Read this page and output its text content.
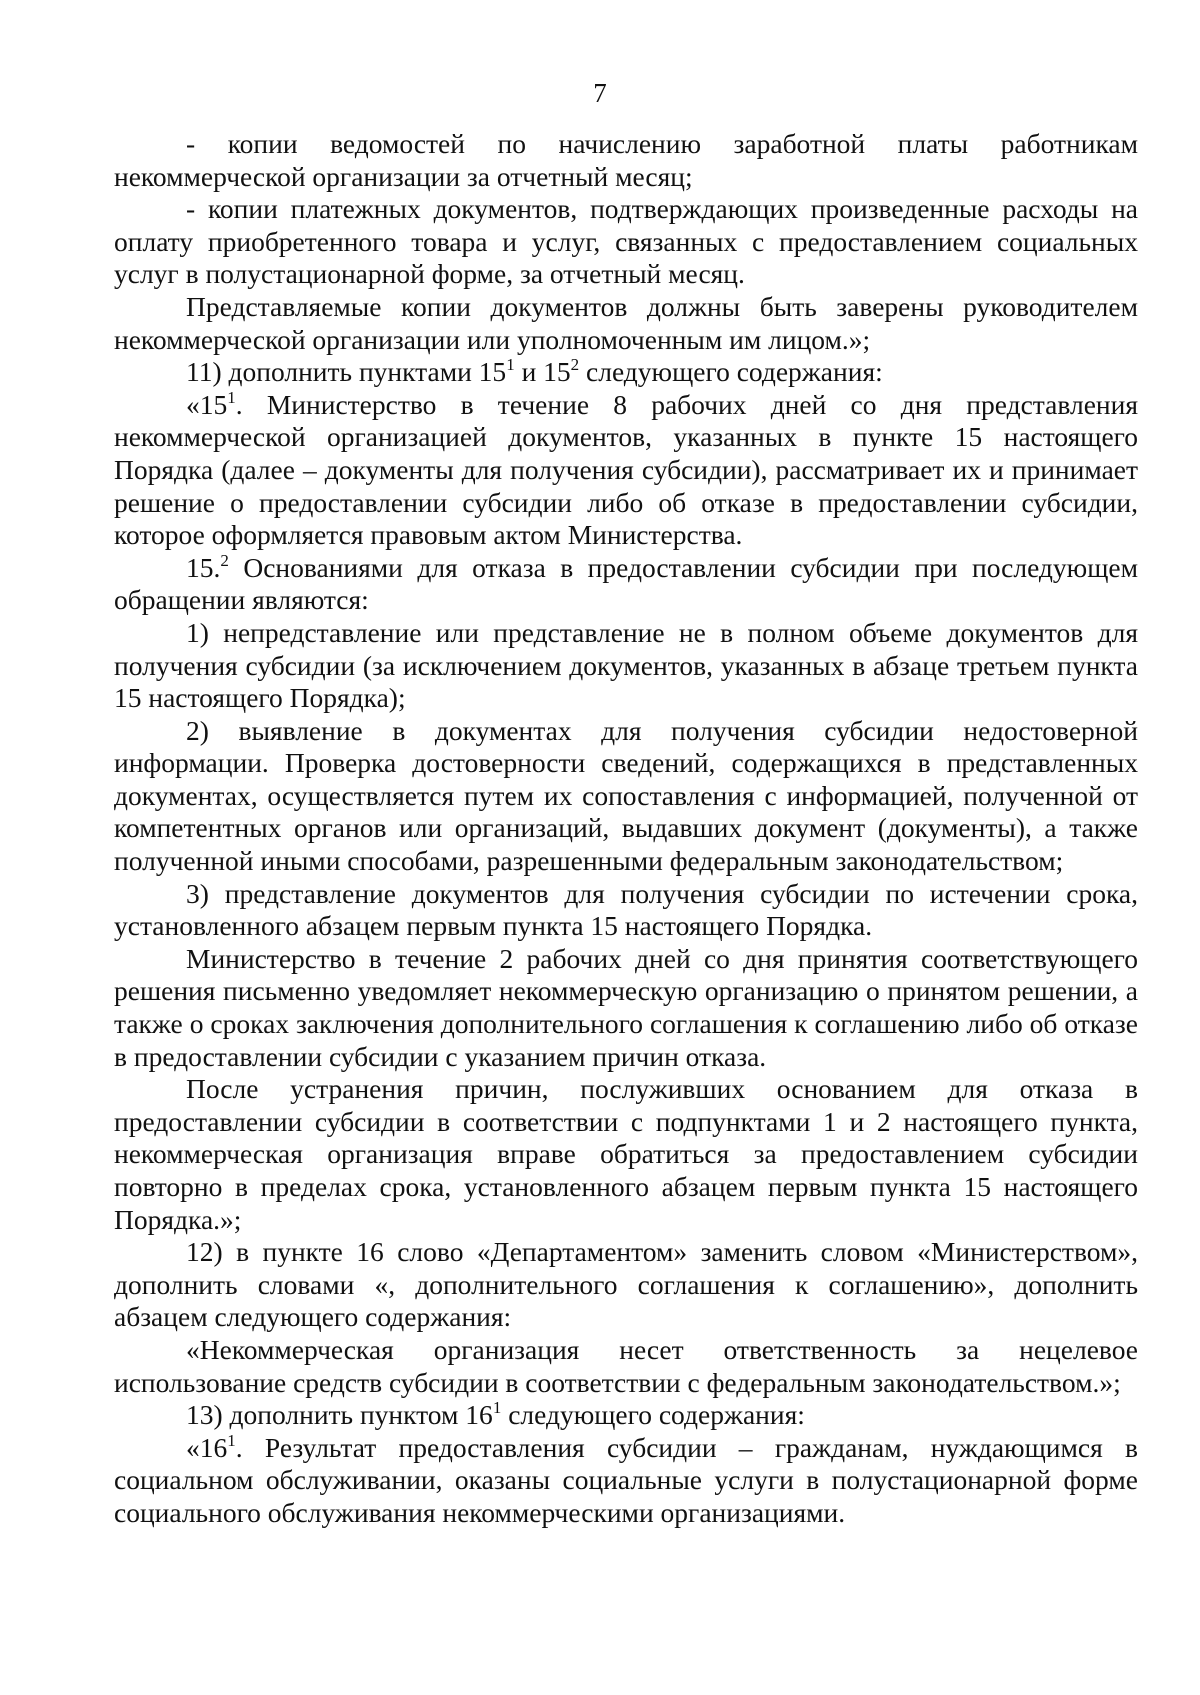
7

- копии ведомостей по начислению заработной платы работникам некоммерческой организации за отчетный месяц;

- копии платежных документов, подтверждающих произведенные расходы на оплату приобретенного товара и услуг, связанных с предоставлением социальных услуг в полустационарной форме, за отчетный месяц.

Представляемые копии документов должны быть заверены руководителем некоммерческой организации или уполномоченным им лицом.»;

11) дополнить пунктами $15^1$ и $15^2$ следующего содержания:

«$15^1$. Министерство в течение 8 рабочих дней со дня представления некоммерческой организацией документов, указанных в пункте 15 настоящего Порядка (далее – документы для получения субсидии), рассматривает их и принимает решение о предоставлении субсидии либо об отказе в предоставлении субсидии, которое оформляется правовым актом Министерства.

15.$^2$ Основаниями для отказа в предоставлении субсидии при последующем обращении являются:

1) непредставление или представление не в полном объеме документов для получения субсидии (за исключением документов, указанных в абзаце третьем пункта 15 настоящего Порядка);

2) выявление в документах для получения субсидии недостоверной информации. Проверка достоверности сведений, содержащихся в представленных документах, осуществляется путем их сопоставления с информацией, полученной от компетентных органов или организаций, выдавших документ (документы), а также полученной иными способами, разрешенными федеральным законодательством;

3) представление документов для получения субсидии по истечении срока, установленного абзацем первым пункта 15 настоящего Порядка.

Министерство в течение 2 рабочих дней со дня принятия соответствующего решения письменно уведомляет некоммерческую организацию о принятом решении, а также о сроках заключения дополнительного соглашения к соглашению либо об отказе в предоставлении субсидии с указанием причин отказа.

После устранения причин, послуживших основанием для отказа в предоставлении субсидии в соответствии с подпунктами 1 и 2 настоящего пункта, некоммерческая организация вправе обратиться за предоставлением субсидии повторно в пределах срока, установленного абзацем первым пункта 15 настоящего Порядка.»;

12) в пункте 16 слово «Департаментом» заменить словом «Министерством», дополнить словами «, дополнительного соглашения к соглашению», дополнить абзацем следующего содержания:

«Некоммерческая организация несет ответственность за нецелевое использование средств субсидии в соответствии с федеральным законодательством.»;

13) дополнить пунктом $16^1$ следующего содержания:

«$16^1$. Результат предоставления субсидии – гражданам, нуждающимся в социальном обслуживании, оказаны социальные услуги в полустационарной форме социального обслуживания некоммерческими организациями.
